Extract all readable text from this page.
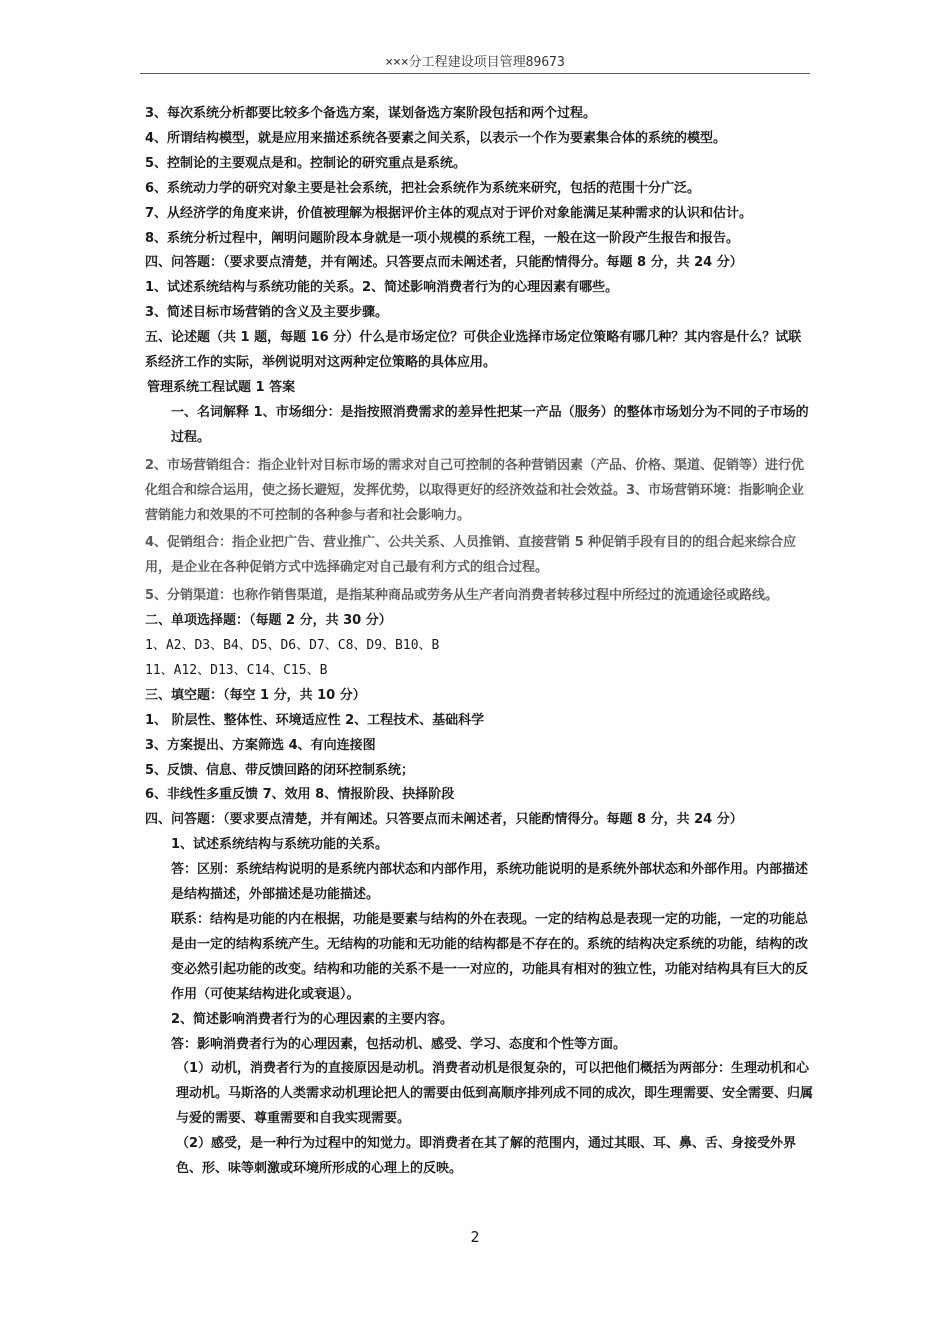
×××分工程建设项目管理89673

3、每次系统分析都要比较多个备选方案，谋划备选方案阶段包括和两个过程。

4、所谓结构模型，就是应用来描述系统各要素之间关系，以表示一个作为要素集合体的系统的模型。

5、控制论的主要观点是和。控制论的研究重点是系统。

6、系统动力学的研究对象主要是社会系统，把社会系统作为系统来研究，包括的范围十分广泛。

7、从经济学的角度来讲，价值被理解为根据评价主体的观点对于评价对象能满足某种需求的认识和估计。

8、系统分析过程中，阐明问题阶段本身就是一项小规模的系统工程，一般在这一阶段产生报告和报告。

四、问答题：（要求要点清楚，并有阐述。只答要点而未阐述者，只能酌情得分。每题 8 分，共 24 分）

1、试述系统结构与系统功能的关系。2、简述影响消费者行为的心理因素有哪些。

3、简述目标市场营销的含义及主要步骤。

五、论述题（共 1 题，每题 16 分）什么是市场定位？可供企业选择市场定位策略有哪几种？其内容是什么？试联系经济工作的实际，举例说明对这两种定位策略的具体应用。

管理系统工程试题 1 答案

一、名词解释 1、市场细分：是指按照消费需求的差异性把某一产品（服务）的整体市场划分为不同的子市场的过程。

2、市场营销组合：指企业针对目标市场的需求对自己可控制的各种营销因素（产品、价格、渠道、促销等）进行优化组合和综合运用，使之扬长避短，发挥优势，以取得更好的经济效益和社会效益。3、市场营销环境：指影响企业营销能力和效果的不可控制的各种参与者和社会影响力。

4、促销组合：指企业把广告、营业推广、公共关系、人员推销、直接营销 5 种促销手段有目的的组合起来综合应用，是企业在各种促销方式中选择确定对自己最有利方式的组合过程。

5、分销渠道：也称作销售渠道，是指某种商品或劳务从生产者向消费者转移过程中所经过的流通途径或路线。

二、单项选择题：（每题 2 分，共 30 分）

1、A2、D3、B4、D5、D6、D7、C8、D9、B10、B

11、A12、D13、C14、C15、B

三、填空题：（每空 1 分，共 10 分）

1、 阶层性、整体性、环境适应性 2、工程技术、基础科学

3、方案提出、方案筛选 4、有向连接图

5、反馈、信息、带反馈回路的闭环控制系统；

6、非线性多重反馈 7、效用 8、情报阶段、抉择阶段

四、问答题：（要求要点清楚，并有阐述。只答要点而未阐述者，只能酌情得分。每题 8 分，共 24 分）

1、试述系统结构与系统功能的关系。

答：区别：系统结构说明的是系统内部状态和内部作用，系统功能说明的是系统外部状态和外部作用。内部描述是结构描述，外部描述是功能描述。

联系：结构是功能的内在根据，功能是要素与结构的外在表现。一定的结构总是表现一定的功能，一定的功能总是由一定的结构系统产生。无结构的功能和无功能的结构都是不存在的。系统的结构决定系统的功能，结构的改变必然引起功能的改变。结构和功能的关系不是一一对应的，功能具有相对的独立性，功能对结构具有巨大的反作用（可使某结构进化或衰退）。

2、简述影响消费者行为的心理因素的主要内容。

答：影响消费者行为的心理因素，包括动机、感受、学习、态度和个性等方面。

（1）动机，消费者行为的直接原因是动机。消费者动机是很复杂的，可以把他们概括为两部分：生理动机和心理动机。马斯洛的人类需求动机理论把人的需要由低到高顺序排列成不同的成次，即生理需要、安全需要、归属与爱的需要、尊重需要和自我实现需要。

（2）感受，是一种行为过程中的知觉力。即消费者在其了解的范围内，通过其眼、耳、鼻、舌、身接受外界色、形、味等刺激或环境所形成的心理上的反映。

2
